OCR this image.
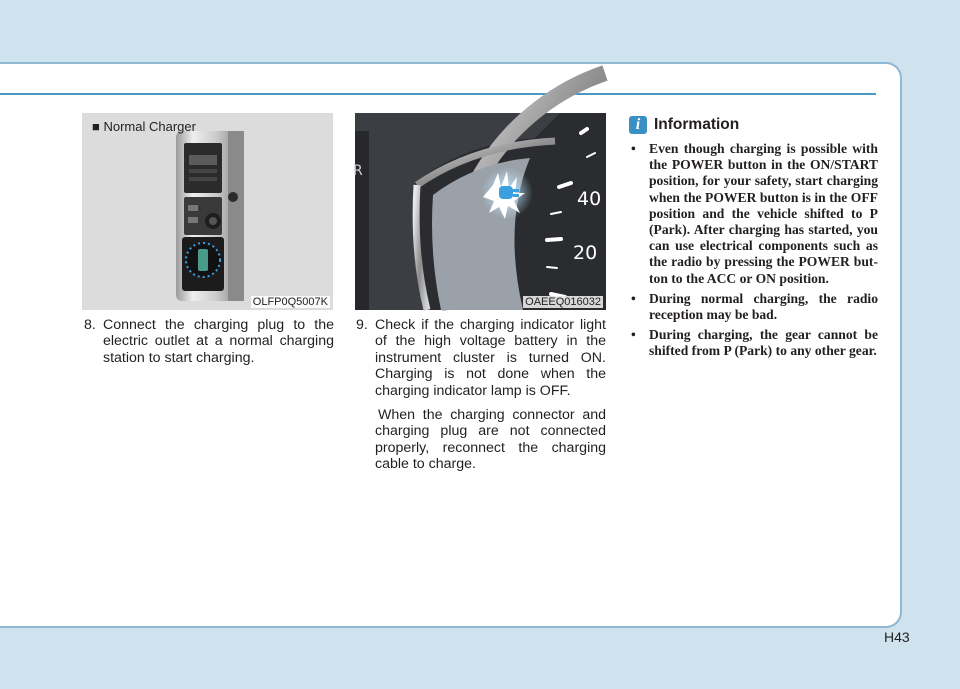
■ Normal Charger
OLFP0Q5007K
40
20
R
OAEEQ016032
8. Connect the charging plug to the electric outlet at a normal charging station to start charging.
9. Check if the charging indicator light of the high voltage battery in the instrument cluster is turned ON. Charging is not done when the charging indicator lamp is OFF.
When the charging connector and charging plug are not connected properly, reconnect the charging cable to charge.
i Information
• Even though charging is possible with the POWER button in the ON/START position, for your safety, start charging when the POWER button is in the OFF position and the vehicle shifted to P (Park). After charging has started, you can use electrical components such as the radio by pressing the POWER button to the ACC or ON position.
• During normal charging, the radio reception may be bad.
• During charging, the gear cannot be shifted from P (Park) to any other gear.
H43
